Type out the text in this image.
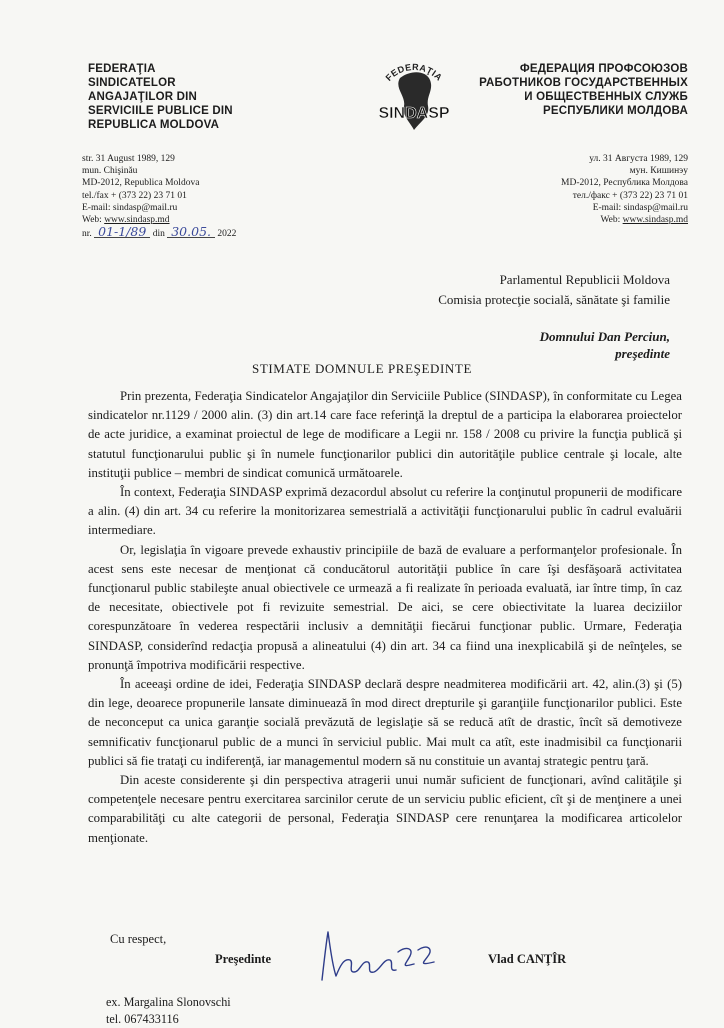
FEDERAŢIA
SINDICATELOR
ANGAJAŢILOR DIN
SERVICIILE PUBLICE DIN
REPUBLICA MOLDOVA
FEDERAŢIA
SINDASP
ФЕДЕРАЦИЯ ПРОФСОЮЗОВ
РАБОТНИКОВ ГОСУДАРСТВЕННЫХ
И ОБЩЕСТВЕННЫХ СЛУЖБ
РЕСПУБЛИКИ МОЛДОВА
str. 31 August 1989, 129
mun. Chişinău
MD-2012, Republica Moldova
tel./fax + (373 22) 23 71 01
E-mail: sindasp@mail.ru
Web: www.sindasp.md
nr. 01-1/89 din 30.05. 2022
ул. 31 Августа 1989, 129
мун. Кишинэу
MD-2012, Республика Молдова
тел./факс + (373 22) 23 71 01
E-mail: sindasp@mail.ru
Web: www.sindasp.md
Parlamentul Republicii Moldova
Comisia protecţie socială, sănătate şi familie
Domnului Dan Perciun,
preşedinte
STIMATE DOMNULE PREŞEDINTE

Prin prezenta, Federaţia Sindicatelor Angajaţilor din Serviciile Publice (SINDASP), în conformitate cu Legea sindicatelor nr.1129 / 2000 alin. (3) din art.14 care face referinţă la dreptul de a participa la elaborarea proiectelor de acte juridice, a examinat proiectul de lege de modificare a Legii nr. 158 / 2008 cu privire la funcţia publică şi statutul funcţionarului public şi în numele funcţionarilor publici din autorităţile publice centrale şi locale, alte instituţii publice – membri de sindicat comunică următoarele.

În context, Federaţia SINDASP exprimă dezacordul absolut cu referire la conţinutul propunerii de modificare a alin. (4) din art. 34 cu referire la monitorizarea semestrială a activităţii funcţionarului public în cadrul evaluării intermediare.

Or, legislaţia în vigoare prevede exhaustiv principiile de bază de evaluare a performanţelor profesionale. În acest sens este necesar de menţionat că conducătorul autorităţii publice în care îşi desfăşoară activitatea funcţionarul public stabileşte anual obiectivele ce urmează a fi realizate în perioada evaluată, iar între timp, în caz de necesitate, obiectivele pot fi revizuite semestrial. De aici, se cere obiectivitate la luarea deciziilor corespunzătoare în vederea respectării inclusiv a demnităţii fiecărui funcţionar public. Urmare, Federaţia SINDASP, considerînd redacţia propusă a alineatului (4) din art. 34 ca fiind una inexplicabilă şi de neînţeles, se pronunţă împotriva modificării respective.

În aceeaşi ordine de idei, Federaţia SINDASP declară despre neadmiterea modificării art. 42, alin.(3) şi (5) din lege, deoarece propunerile lansate diminuează în mod direct drepturile şi garanţiile funcţionarilor publici. Este de neconceput ca unica garanţie socială prevăzută de legislaţie să se reducă atît de drastic, încît să demotiveze semnificativ funcţionarul public de a munci în serviciul public. Mai mult ca atît, este inadmisibil ca funcţionarii publici să fie trataţi cu indiferenţă, iar managementul modern să nu constituie un avantaj strategic pentru ţară.

Din aceste considerente şi din perspectiva atragerii unui număr suficient de funcţionari, avînd calităţile şi competenţele necesare pentru exercitarea sarcinilor cerute de un serviciu public eficient, cît şi de menţinere a unei comparabilităţi cu alte categorii de personal, Federaţia SINDASP cere renunţarea la modificarea articolelor menţionate.

Cu respect,
Preşedinte	Vlad CANŢÎR
ex. Margalina Slonovschi
tel. 067433116
